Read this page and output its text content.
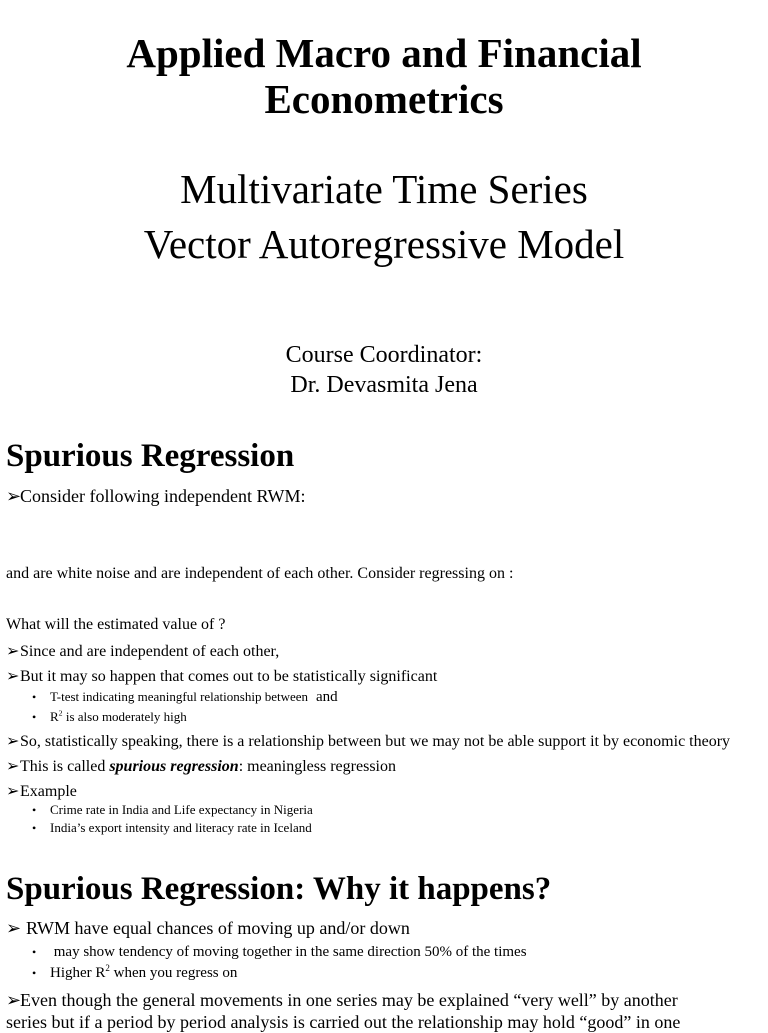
Applied Macro and Financial
Econometrics
Multivariate Time Series
Vector Autoregressive Model
Course Coordinator:
Dr. Devasmita Jena
Spurious Regression
➢Consider following independent RWM:
and are white noise and are independent of each other. Consider regressing on :
What will the estimated value of ?
➢Since and are independent of each other,
➢But it may so happen that comes out to be statistically significant
• T-test indicating meaningful relationship between and
• $R^2$ is also moderately high
➢So, statistically speaking, there is a relationship between but we may not be able support it by economic theory
➢This is called spurious regression: meaningless regression
➢Example
• Crime rate in India and Life expectancy in Nigeria
• India’s export intensity and literacy rate in Iceland
Spurious Regression: Why it happens?
➢ RWM have equal chances of moving up and/or down
• may show tendency of moving together in the same direction 50% of the times
• Higher $R^2$ when you regress on
➢Even though the general movements in one series may be explained “very well” by another
series but if a period by period analysis is carried out the relationship may hold “good” in one
